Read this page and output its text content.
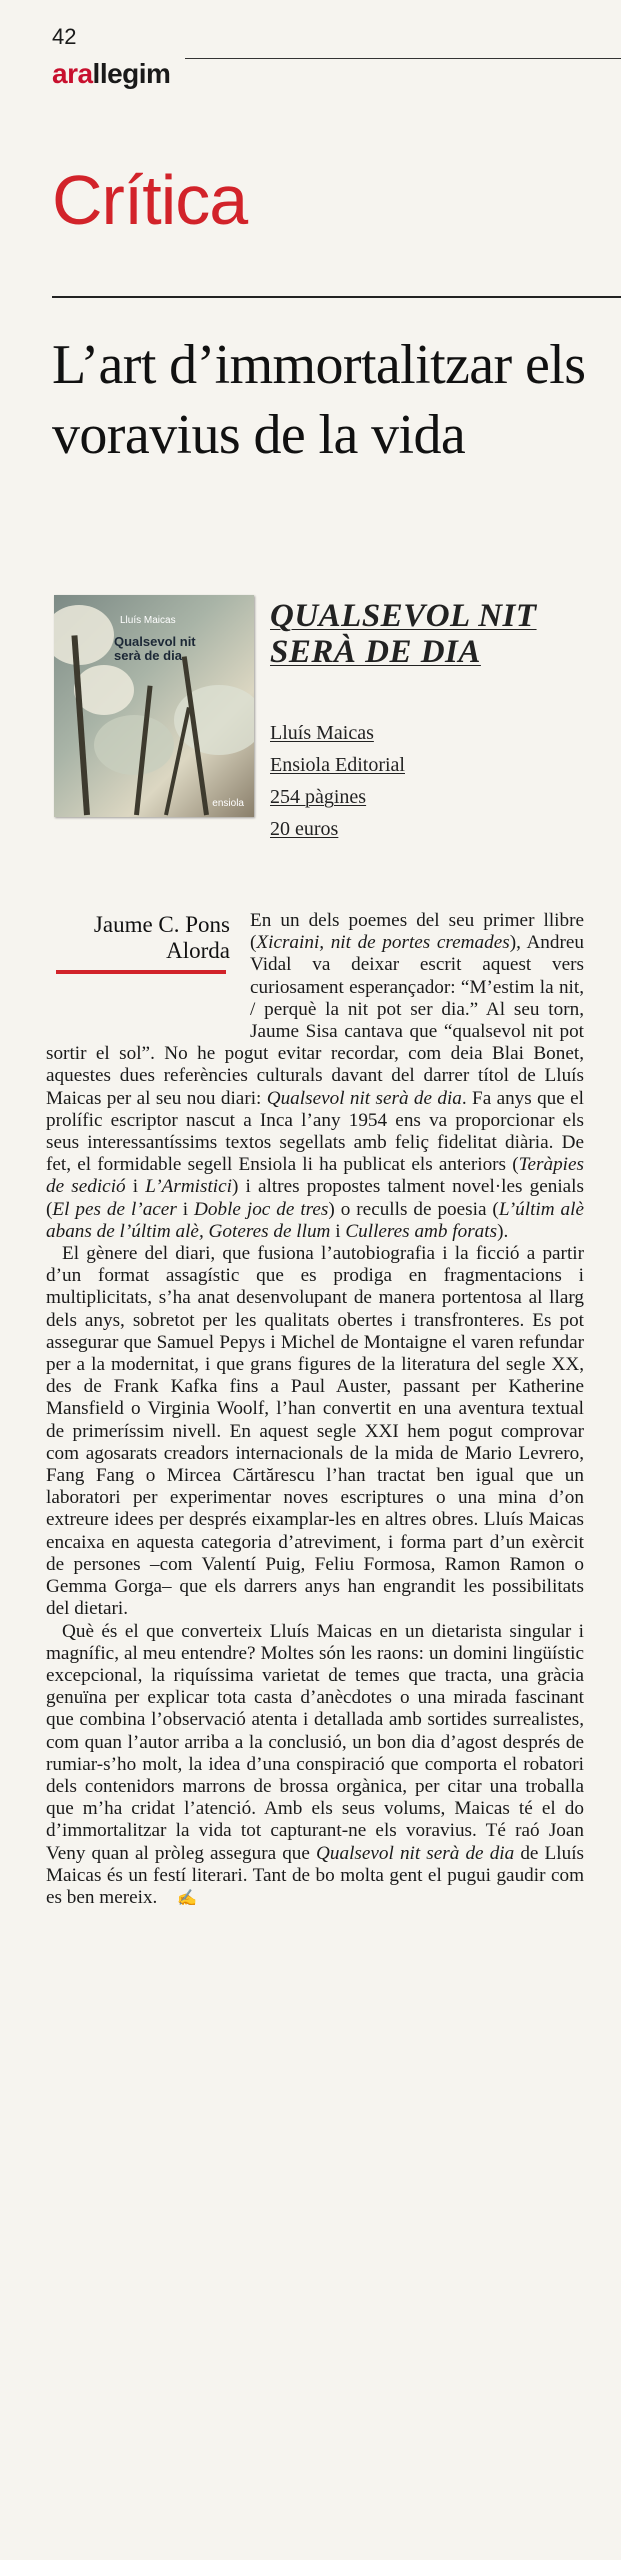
42
arallegim
Crítica
L’art d’immortalitzar els voravius de la vida
Lluís Maicas
Qualsevol nit serà de dia
ensiola
QUALSEVOL NIT SERÀ DE DIA
Lluís Maicas
Ensiola Editorial
254 pàgines
20 euros
Jaume C. Pons Alorda

En un dels poemes del seu primer llibre (Xicraini, nit de portes cremades), Andreu Vidal va deixar escrit aquest vers curiosament esperançador: “M’estim la nit, / perquè la nit pot ser dia.” Al seu torn, Jaume Sisa cantava que “qualsevol nit pot sortir el sol”. No he pogut evitar recordar, com deia Blai Bonet, aquestes dues referències culturals davant del darrer títol de Lluís Maicas per al seu nou diari: Qualsevol nit serà de dia. Fa anys que el prolífic escriptor nascut a Inca l’any 1954 ens va proporcionar els seus interessantíssims textos segellats amb feliç fidelitat diària. De fet, el formidable segell Ensiola li ha publicat els anteriors (Teràpies de sedició i L’Armistici) i altres propostes talment novel·les genials (El pes de l’acer i Doble joc de tres) o reculls de poesia (L’últim alè abans de l’últim alè, Goteres de llum i Culleres amb forats).

El gènere del diari, que fusiona l’autobiografia i la ficció a partir d’un format assagístic que es prodiga en fragmentacions i multiplicitats, s’ha anat desenvolupant de manera portentosa al llarg dels anys, sobretot per les qualitats obertes i transfronteres. Es pot assegurar que Samuel Pepys i Michel de Montaigne el varen refundar per a la modernitat, i que grans figures de la literatura del segle XX, des de Frank Kafka fins a Paul Auster, passant per Katherine Mansfield o Virginia Woolf, l’han convertit en una aventura textual de primeríssim nivell. En aquest segle XXI hem pogut comprovar com agosarats creadors internacionals de la mida de Mario Levrero, Fang Fang o Mircea Cărtărescu l’han tractat ben igual que un laboratori per experimentar noves escriptures o una mina d’on extreure idees per després eixamplar-les en altres obres. Lluís Maicas encaixa en aquesta categoria d’atreviment, i forma part d’un exèrcit de persones –com Valentí Puig, Feliu Formosa, Ramon Ramon o Gemma Gorga– que els darrers anys han engrandit les possibilitats del dietari.

Què és el que converteix Lluís Maicas en un dietarista singular i magnífic, al meu entendre? Moltes són les raons: un domini lingüístic excepcional, la riquíssima varietat de temes que tracta, una gràcia genuïna per explicar tota casta d’anècdotes o una mirada fascinant que combina l’observació atenta i detallada amb sortides surrealistes, com quan l’autor arriba a la conclusió, un bon dia d’agost després de rumiar-s’ho molt, la idea d’una conspiració que comporta el robatori dels contenidors marrons de brossa orgànica, per citar una troballa que m’ha cridat l’atenció. Amb els seus volums, Maicas té el do d’immortalitzar la vida tot capturant-ne els voravius. Té raó Joan Veny quan al pròleg assegura que Qualsevol nit serà de dia de Lluís Maicas és un festí literari. Tant de bo molta gent el pugui gaudir com es ben mereix. ✍
